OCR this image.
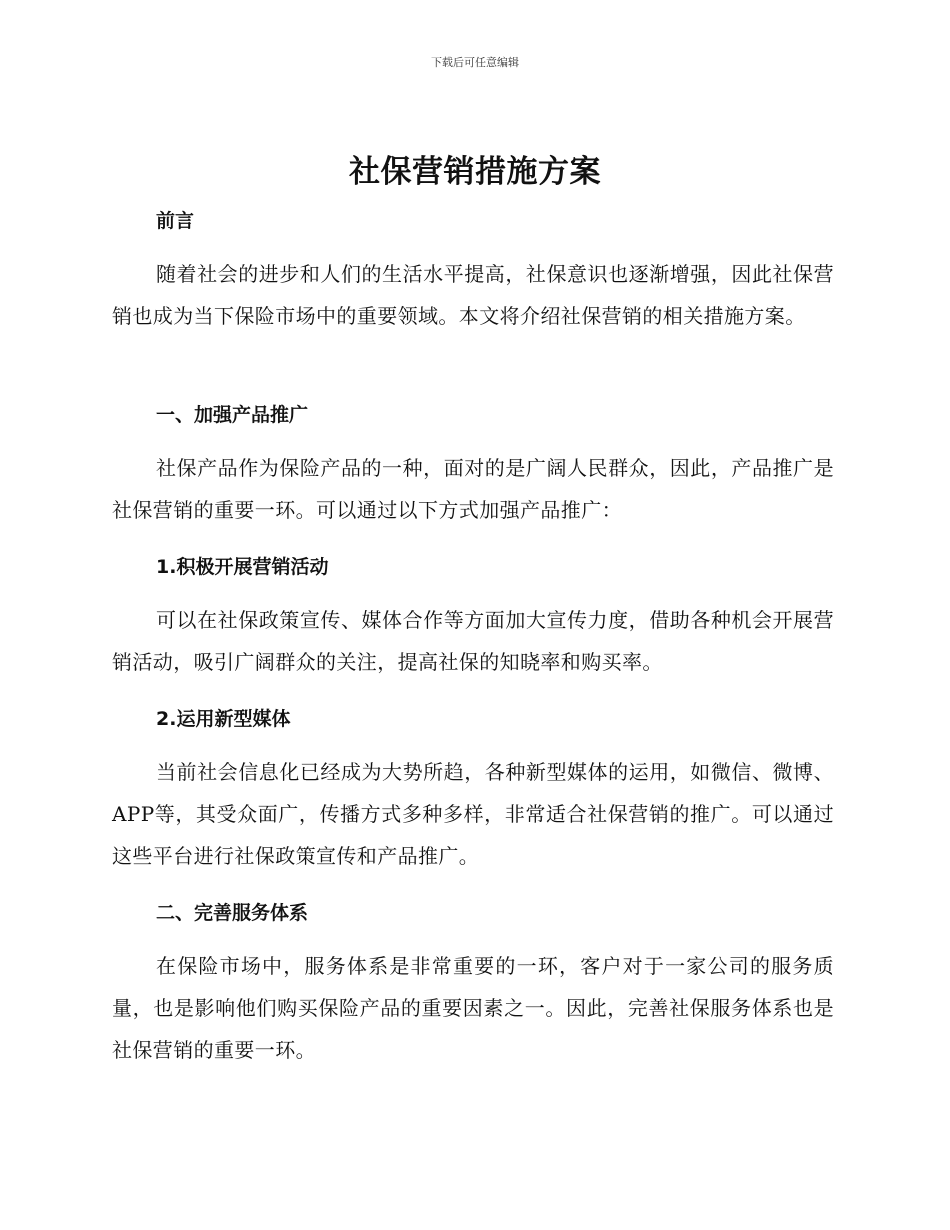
下载后可任意编辑
社保营销措施方案
前言
随着社会的进步和人们的生活水平提高，社保意识也逐渐增强，因此社保营销也成为当下保险市场中的重要领域。本文将介绍社保营销的相关措施方案。
一、加强产品推广
社保产品作为保险产品的一种，面对的是广阔人民群众，因此，产品推广是社保营销的重要一环。可以通过以下方式加强产品推广：
1.积极开展营销活动
可以在社保政策宣传、媒体合作等方面加大宣传力度，借助各种机会开展营销活动，吸引广阔群众的关注，提高社保的知晓率和购买率。
2.运用新型媒体
当前社会信息化已经成为大势所趋，各种新型媒体的运用，如微信、微博、APP等，其受众面广，传播方式多种多样，非常适合社保营销的推广。可以通过这些平台进行社保政策宣传和产品推广。
二、完善服务体系
在保险市场中，服务体系是非常重要的一环，客户对于一家公司的服务质量，也是影响他们购买保险产品的重要因素之一。因此，完善社保服务体系也是社保营销的重要一环。
